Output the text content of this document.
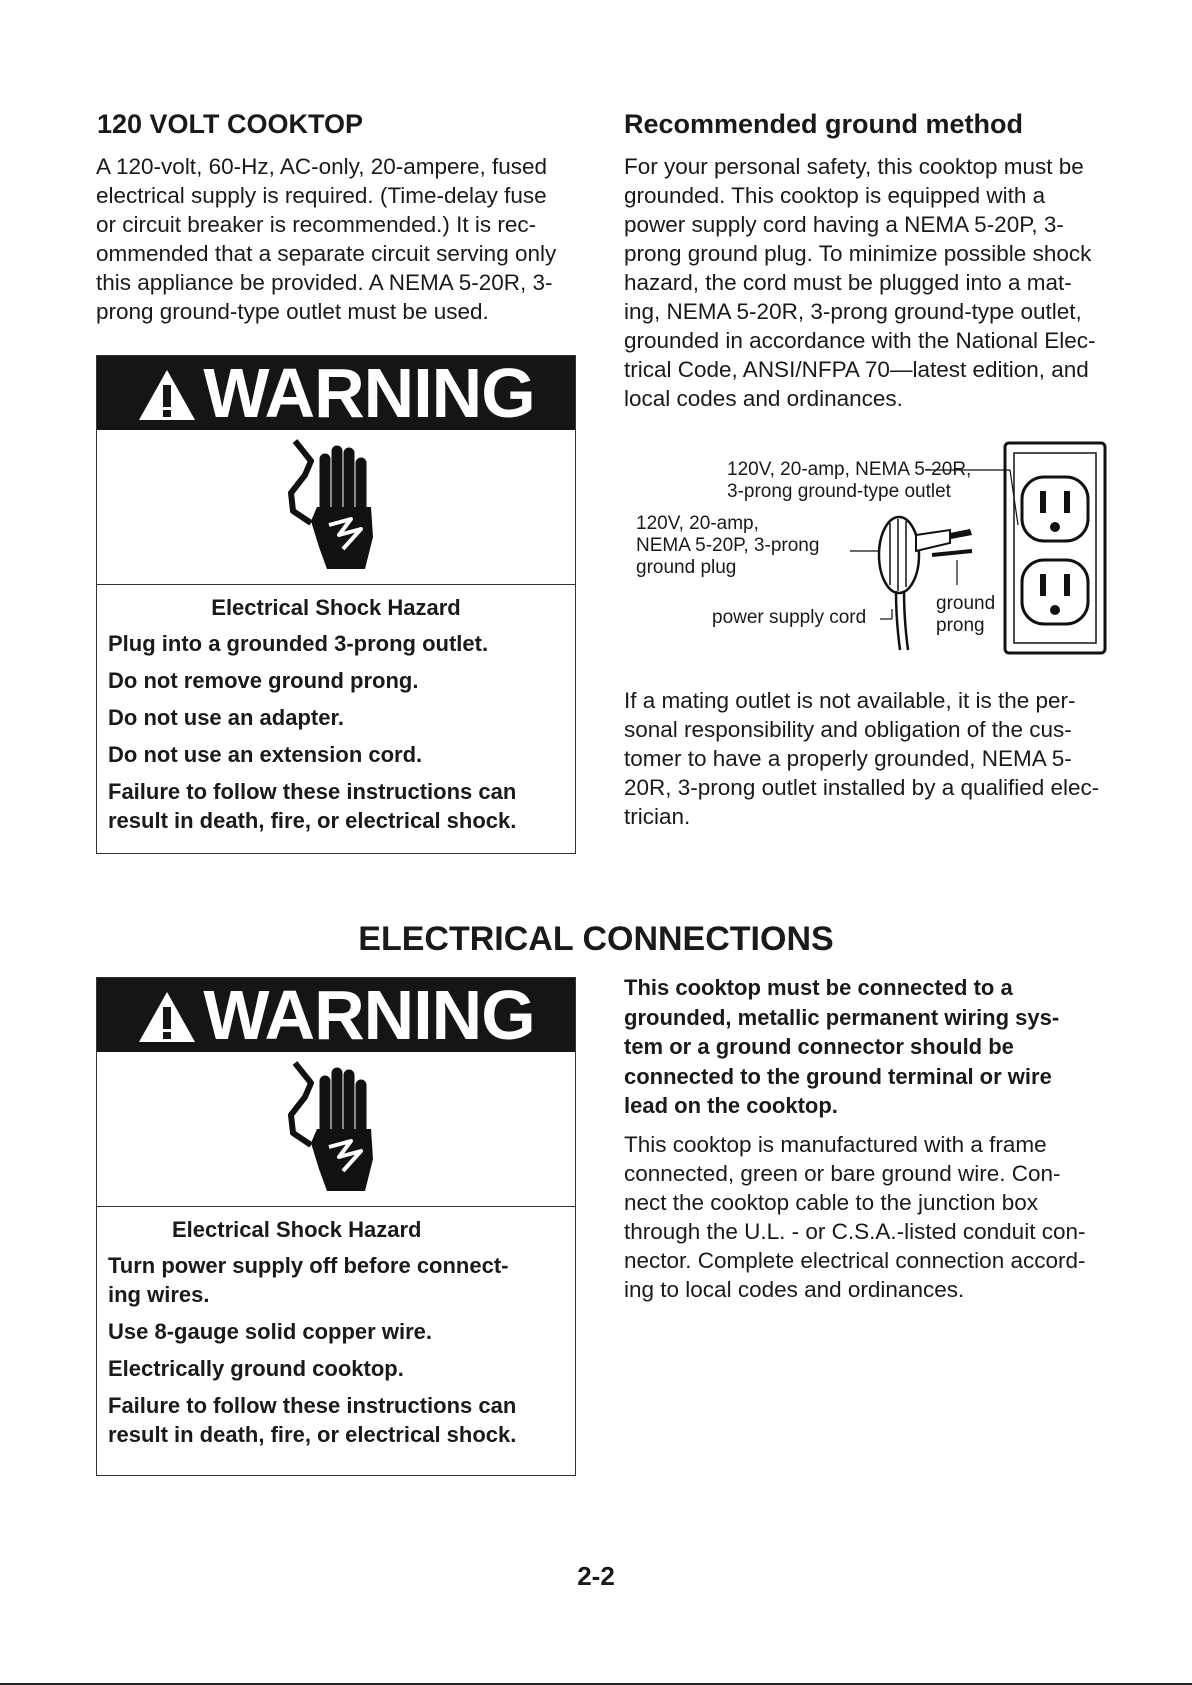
120 VOLT COOKTOP
A 120-volt, 60-Hz, AC-only, 20-ampere, fused
electrical supply is required. (Time-delay fuse
or circuit breaker is recommended.) It is rec-
ommended that a separate circuit serving only
this appliance be provided. A NEMA 5-20R, 3-
prong ground-type outlet must be used.
WARNING
Electrical Shock Hazard
Plug into a grounded 3-prong outlet.
Do not remove ground prong.
Do not use an adapter.
Do not use an extension cord.
Failure to follow these instructions can
result in death, fire, or electrical shock.
Recommended ground method
For your personal safety, this cooktop must be
grounded. This cooktop is equipped with a
power supply cord having a NEMA 5-20P, 3-
prong ground plug. To minimize possible shock
hazard, the cord must be plugged into a mat-
ing, NEMA 5-20R, 3-prong ground-type outlet,
grounded in accordance with the National Elec-
trical Code, ANSI/NFPA 70—latest edition, and
local codes and ordinances.
120V, 20-amp, NEMA 5-20R,
3-prong ground-type outlet
120V, 20-amp,
NEMA 5-20P, 3-prong
ground plug
power supply cord
ground
prong
If a mating outlet is not available, it is the per-
sonal responsibility and obligation of the cus-
tomer to have a properly grounded, NEMA 5-
20R, 3-prong outlet installed by a qualified elec-
trician.
ELECTRICAL CONNECTIONS
WARNING
Electrical Shock Hazard
Turn power supply off before connect-
ing wires.
Use 8-gauge solid copper wire.
Electrically ground cooktop.
Failure to follow these instructions can
result in death, fire, or electrical shock.
This cooktop must be connected to a
grounded, metallic permanent wiring sys-
tem or a ground connector should be
connected to the ground terminal or wire
lead on the cooktop.
This cooktop is manufactured with a frame
connected, green or bare ground wire. Con-
nect the cooktop cable to the junction box
through the U.L. - or C.S.A.-listed conduit con-
nector. Complete electrical connection accord-
ing to local codes and ordinances.
2-2
